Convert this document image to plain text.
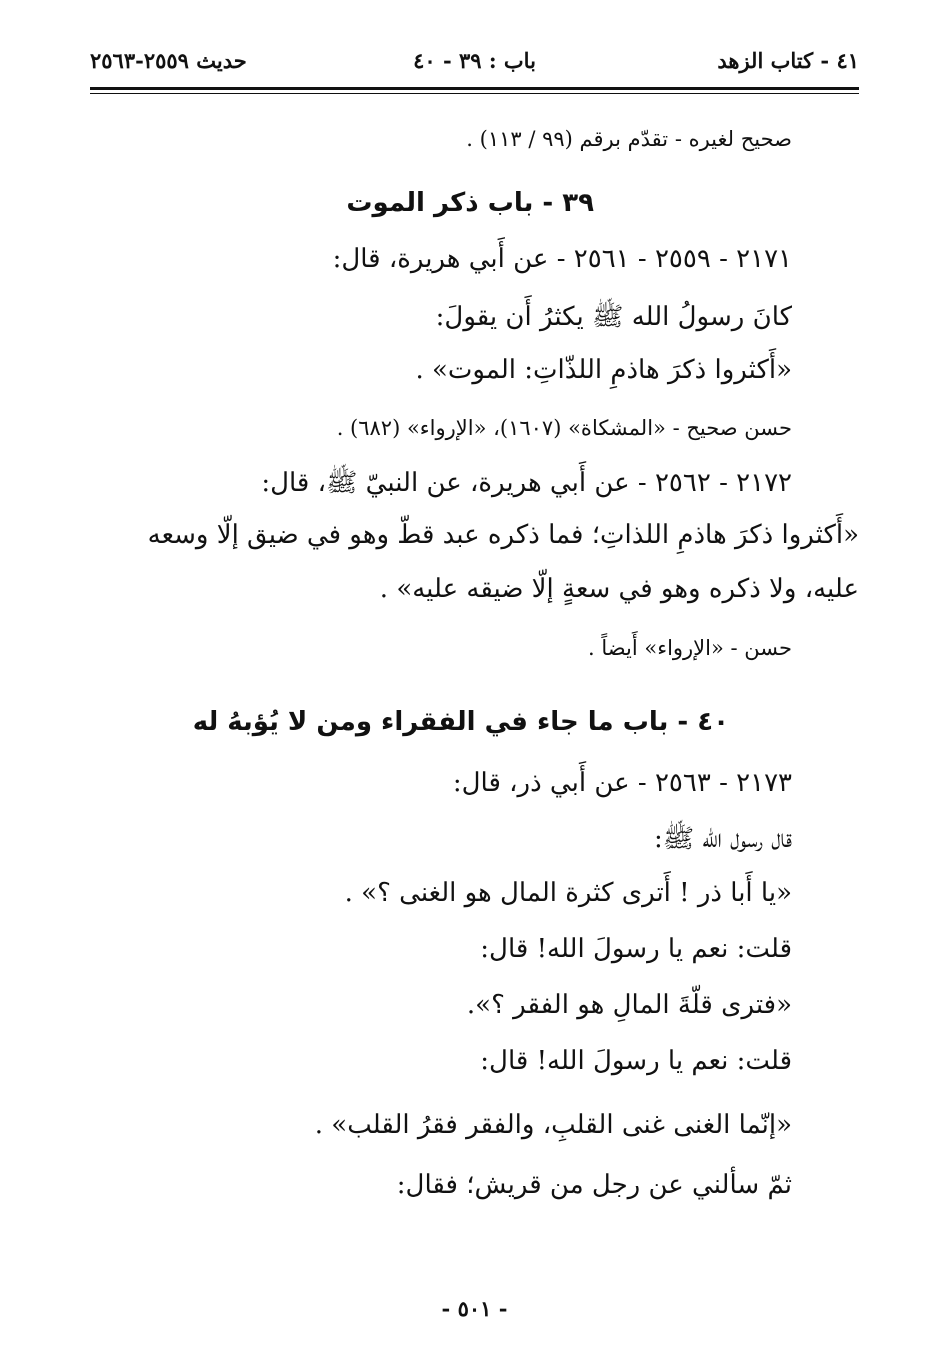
٤١ - كتاب الزهد
باب : ٣٩ - ٤٠
حديث ٢٥٥٩-٢٥٦٣
صحيح لغيره - تقدّم برقم (٩٩ / ١١٣) .
٣٩ - باب ذكر الموت
٢١٧١ - ٢٥٥٩ - ٢٥٦١ - عن أَبي هريرة، قال:
كانَ رسولُ الله ﷺ يكثرُ أَن يقولَ:
«أَكثروا ذكرَ هاذمِ اللذّاتِ: الموت» .
حسن صحيح - «المشكاة» (١٦٠٧)، «الإرواء» (٦٨٢) .
٢١٧٢ - ٢٥٦٢ - عن أَبي هريرة، عن النبيّ ﷺ، قال:
«أَكثروا ذكرَ هاذمِ اللذاتِ؛ فما ذكره عبد قطّ وهو في ضيق إلّا وسعه
عليه، ولا ذكره وهو في سعةٍ إلّا ضيقه عليه» .
حسن - «الإرواء» أَيضاً .
٤٠ - باب ما جاء في الفقراء ومن لا يُؤبهُ له
٢١٧٣ - ٢٥٦٣ - عن أَبي ذر، قال:
قال رسول الله ﷺ:
«يا أَبا ذر ! أَترى كثرة المال هو الغنى ؟» .
قلت: نعم يا رسولَ الله! قال:
«فترى قلّةَ المالِ هو الفقر ؟».
قلت: نعم يا رسولَ الله! قال:
«إنّما الغنى غنى القلبِ، والفقر فقرُ القلب» .
ثمّ سألني عن رجل من قريش؛ فقال:
- ٥٠١ -
